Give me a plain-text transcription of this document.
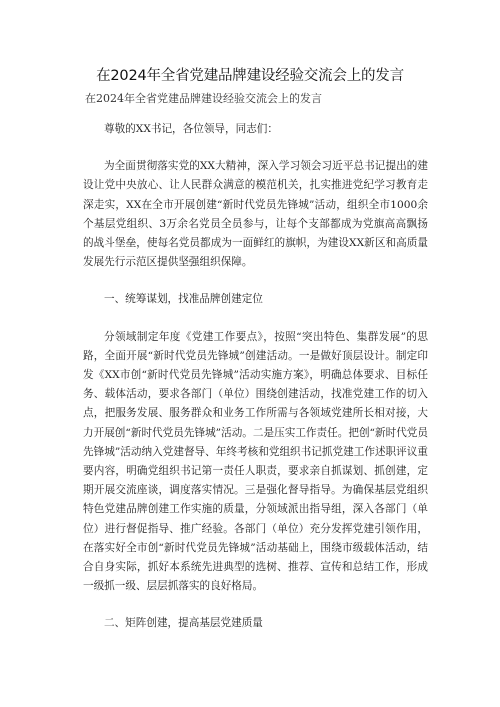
在2024年全省党建品牌建设经验交流会上的发言
在2024年全省党建品牌建设经验交流会上的发言

尊敬的XX书记，各位领导，同志们：

为全面贯彻落实党的XX大精神，深入学习领会习近平总书记提出的建设让党中央放心、让人民群众满意的模范机关，扎实推进党纪学习教育走深走实，XX在全市开展创建“新时代党员先锋城”活动，组织全市1000余个基层党组织、3万余名党员全员参与，让每个支部都成为党旗高高飘扬的战斗堡垒，使每名党员都成为一面鲜红的旗帜，为建设XX新区和高质量发展先行示范区提供坚强组织保障。

一、统筹谋划，找准品牌创建定位

分领域制定年度《党建工作要点》，按照“突出特色、集群发展”的思路，全面开展“新时代党员先锋城”创建活动。一是做好顶层设计。制定印发《XX市创“新时代党员先锋城”活动实施方案》，明确总体要求、目标任务、载体活动，要求各部门（单位）围绕创建活动，找准党建工作的切入点，把服务发展、服务群众和业务工作所需与各领域党建所长相对接，大力开展创“新时代党员先锋城”活动。二是压实工作责任。把创“新时代党员先锋城”活动纳入党建督导、年终考核和党组织书记抓党建工作述职评议重要内容，明确党组织书记第一责任人职责，要求亲自抓谋划、抓创建，定期开展交流座谈，调度落实情况。三是强化督导指导。为确保基层党组织特色党建品牌创建工作实施的质量，分领域派出指导组，深入各部门（单位）进行督促指导、推广经验。各部门（单位）充分发挥党建引领作用，在落实好全市创“新时代党员先锋城”活动基础上，围绕市级载体活动，结合自身实际，抓好本系统先进典型的选树、推荐、宣传和总结工作，形成一级抓一级、层层抓落实的良好格局。

二、矩阵创建，提高基层党建质量
